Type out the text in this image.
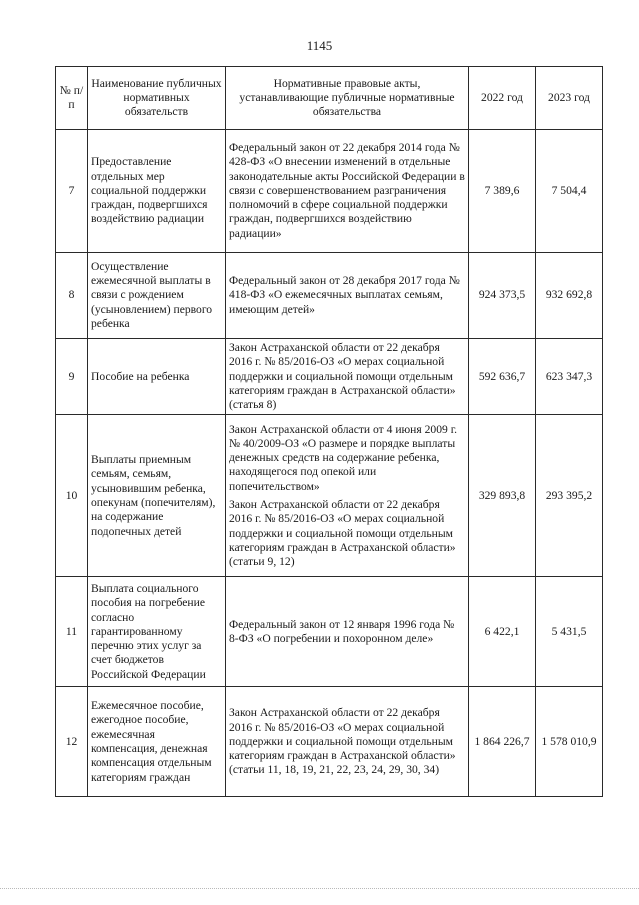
1145
№ п/п	Наименование публичных нормативных обязательств	Нормативные правовые акты, устанавливающие публичные нормативные обязательства	2022 год	2023 год
7	Предоставление отдельных мер социальной поддержки граждан, подвергшихся воздействию радиации	Федеральный закон от 22 декабря 2014 года № 428-ФЗ «О внесении изменений в отдельные законодательные акты Российской Федерации в связи с совершенствованием разграничения полномочий в сфере социальной поддержки граждан, подвергшихся воздействию радиации»	7 389,6	7 504,4
8	Осуществление ежемесячной выплаты в связи с рождением (усыновлением) первого ребенка	Федеральный закон от 28 декабря 2017 года № 418-ФЗ «О ежемесячных выплатах семьям, имеющим детей»	924 373,5	932 692,8
9	Пособие на ребенка	Закон Астраханской области от 22 декабря 2016 г. № 85/2016-ОЗ «О мерах социальной поддержки и социальной помощи отдельным категориям граждан в Астраханской области» (статья 8)	592 636,7	623 347,3
10	Выплаты приемным семьям, семьям, усыновившим ребенка, опекунам (попечителям), на содержание подопечных детей	Закон Астраханской области от 4 июня 2009 г. № 40/2009-ОЗ «О размере и порядке выплаты денежных средств на содержание ребенка, находящегося под опекой или попечительством»
Закон Астраханской области от 22 декабря 2016 г. № 85/2016-ОЗ «О мерах социальной поддержки и социальной помощи отдельным категориям граждан в Астраханской области» (статьи 9, 12)	329 893,8	293 395,2
11	Выплата социального пособия на погребение согласно гарантированному перечню этих услуг за счет бюджетов Российской Федерации	Федеральный закон от 12 января 1996 года № 8-ФЗ «О погребении и похоронном деле»	6 422,1	5 431,5
12	Ежемесячное пособие, ежегодное пособие, ежемесячная компенсация, денежная компенсация отдельным категориям граждан	Закон Астраханской области от 22 декабря 2016 г. № 85/2016-ОЗ «О мерах социальной поддержки и социальной помощи отдельным категориям граждан в Астраханской области» (статьи 11, 18, 19, 21, 22, 23, 24, 29, 30, 34)	1 864 226,7	1 578 010,9
